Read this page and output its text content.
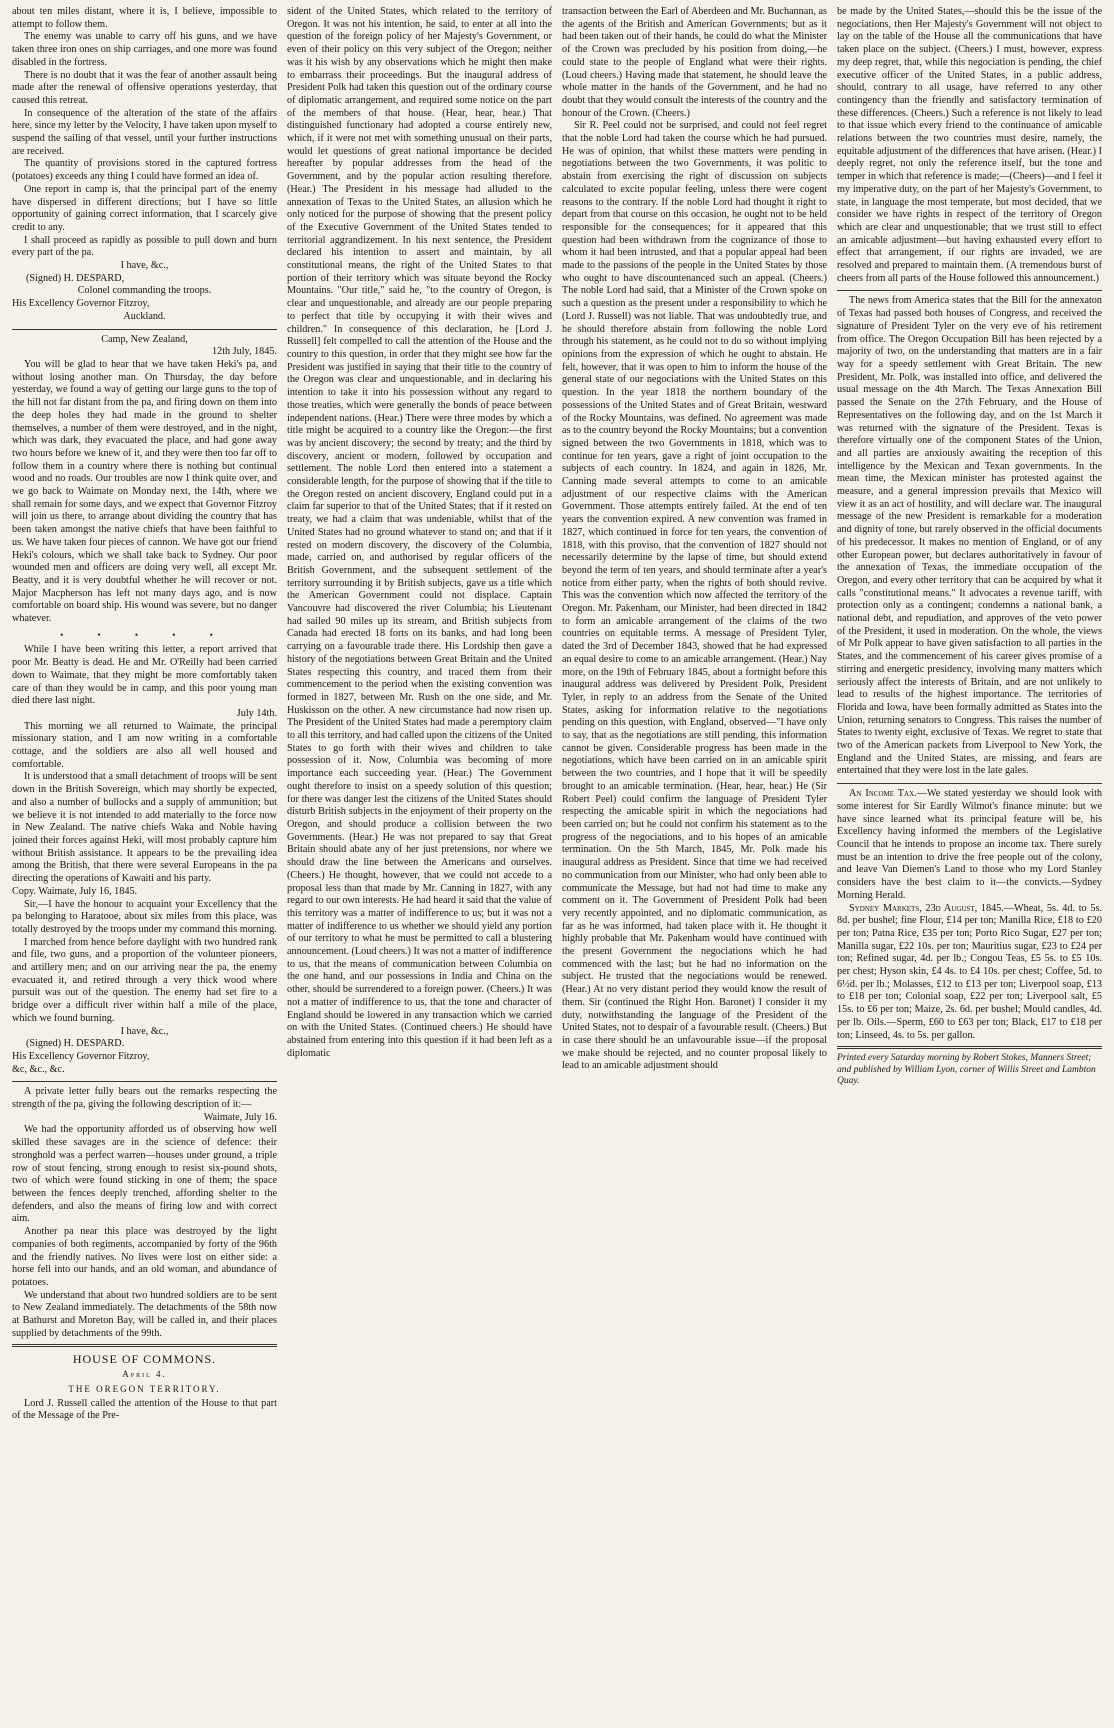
about ten miles distant, where it is, I believe, impossible to attempt to follow them.

The enemy was unable to carry off his guns, and we have taken three iron ones on ship carriages, and one more was found disabled in the fortress.

There is no doubt that it was the fear of another assault being made after the renewal of offensive operations yesterday, that caused this retreat.

In consequence of the alteration of the state of the affairs here, since my letter by the Velocity, I have taken upon myself to suspend the sailing of that vessel, until your further instructions are received.

The quantity of provisions stored in the captured fortress (potatoes) exceeds any thing I could have formed an idea of.

One report in camp is, that the principal part of the enemy have dispersed in different directions; but I have so little opportunity of gaining correct information, that I scarcely give credit to any.

I shall proceed as rapidly as possible to pull down and burn every part of the pa.

I have, &c.,

(Signed) H. DESPARD,

Colonel commanding the troops.

His Excellency Governor Fitzroy,

Auckland.

Camp, New Zealand,

12th July, 1845.

You will be glad to hear that we have taken Heki's pa, and without losing another man. On Thursday, the day before yesterday, we found a way of getting our large guns to the top of the hill not far distant from the pa, and firing down on them into the deep holes they had made in the ground to shelter themselves, a number of them were destroyed, and in the night, which was dark, they evacuated the place, and had gone away two hours before we knew of it, and they were then too far off to follow them in a country where there is nothing but continual wood and no roads. Our troubles are now I think quite over, and we go back to Waimate on Monday next, the 14th, where we shall remain for some days, and we expect that Governor Fitzroy will join us there, to arrange about dividing the country that has been taken amongst the native chiefs that have been faithful to us. We have taken four pieces of cannon. We have got our friend Heki's colours, which we shall take back to Sydney. Our poor wounded men and officers are doing very well, all except Mr. Beatty, and it is very doubtful whether he will recover or not. Major Macpherson has left not many days ago, and is now comfortable on board ship. His wound was severe, but no danger whatever.

• • • • •

While I have been writing this letter, a report arrived that poor Mr. Beatty is dead. He and Mr. O'Reilly had been carried down to Waimate, that they might be more comfortably taken care of than they would be in camp, and this poor young man died there last night.

July 14th.

This morning we all returned to Waimate, the principal missionary station, and I am now writing in a comfortable cottage, and the soldiers are also all well housed and comfortable.

It is understood that a small detachment of troops will be sent down in the British Sovereign, which may shortly be expected, and also a number of bullocks and a supply of ammunition; but we believe it is not intended to add materially to the force now in New Zealand. The native chiefs Waka and Noble having joined their forces against Heki, will most probably capture him without British assistance. It appears to be the prevailing idea among the British, that there were several Europeans in the pa directing the operations of Kawaiti and his party.

Copy. Waimate, July 16, 1845.

Sir,—I have the honour to acquaint your Excellency that the pa belonging to Haratooe, about six miles from this place, was totally destroyed by the troops under my command this morning.

I marched from hence before daylight with two hundred rank and file, two guns, and a proportion of the volunteer pioneers, and artillery men; and on our arriving near the pa, the enemy evacuated it, and retired through a very thick wood where pursuit was out of the question. The enemy had set fire to a bridge over a difficult river within half a mile of the place, which we found burning.

I have, &c.,

(Signed) H. DESPARD.

His Excellency Governor Fitzroy,

&c, &c., &c.

A private letter fully bears out the remarks respecting the strength of the pa, giving the following description of it:—

Waimate, July 16.

We had the opportunity afforded us of observing how well skilled these savages are in the science of defence: their stronghold was a perfect warren—houses under ground, a triple row of stout fencing, strong enough to resist six-pound shots, two of which were found sticking in one of them; the space between the fences deeply trenched, affording shelter to the defenders, and also the means of firing low and with correct aim.

Another pa near this place was destroyed by the light companies of both regiments, accompanied by forty of the 96th and the friendly natives. No lives were lost on either side: a horse fell into our hands, and an old woman, and abundance of potatoes.

We understand that about two hundred soldiers are to be sent to New Zealand immediately. The detachments of the 58th now at Bathurst and Moreton Bay, will be called in, and their places supplied by detachments of the 99th.

HOUSE OF COMMONS.
April 4.
THE OREGON TERRITORY.

Lord J. Russell called the attention of the House to that part of the Message of the Pre-

sident of the United States, which related to the territory of Oregon. It was not his intention, he said, to enter at all into the question of the foreign policy of her Majesty's Government, or even of their policy on this very subject of the Oregon; neither was it his wish by any observations which he might then make to embarrass their proceedings. But the inaugural address of President Polk had taken this question out of the ordinary course of diplomatic arrangement, and required some notice on the part of the members of that house. (Hear, hear, hear.) That distinguished functionary had adopted a course entirely new, which, if it were not met with something unusual on their parts, would let questions of great national importance be decided hereafter by popular addresses from the head of the Government, and by the popular action resulting therefore. (Hear.) The President in his message had alluded to the annexation of Texas to the United States, an allusion which he only noticed for the purpose of showing that the present policy of the Executive Government of the United States tended to territorial aggrandizement. In his next sentence, the President declared his intention to assert and maintain, by all constitutional means, the right of the United States to that portion of their territory which was situate beyond the Rocky Mountains. "Our title," said he, "to the country of Oregon, is clear and unquestionable, and already are our people preparing to perfect that title by occupying it with their wives and children." In consequence of this declaration, he [Lord J. Russell] felt compelled to call the attention of the House and the country to this question, in order that they might see how far the President was justified in saying that their title to the country of the Oregon was clear and unquestionable, and in declaring his intention to take it into his possession without any regard to those treaties, which were generally the bonds of peace between independent nations. (Hear.) There were three modes by which a title might be acquired to a country like the Oregon:—the first was by ancient discovery; the second by treaty; and the third by discovery, ancient or modern, followed by occupation and settlement. The noble Lord then entered into a statement a considerable length, for the purpose of showing that if the title to the Oregon rested on ancient discovery, England could put in a claim far superior to that of the United States; that if it rested on treaty, we had a claim that was undeniable, whilst that of the United States had no ground whatever to stand on; and that if it rested on modern discovery, the discovery of the Columbia, made, carried on, and authorised by regular officers of the British Government, and the subsequent settlement of the territory surrounding it by British subjects, gave us a title which the American Government could not displace. Captain Vancouvre had discovered the river Columbia; his Lieutenant had sailed 90 miles up its stream, and British subjects from Canada had erected 18 forts on its banks, and had long been carrying on a favourable trade there. His Lordship then gave a history of the negotiations between Great Britain and the United States respecting this country, and traced them from their commencement to the period when the existing convention was formed in 1827, between Mr. Rush on the one side, and Mr. Huskisson on the other. A new circumstance had now risen up. The President of the United States had made a peremptory claim to all this territory, and had called upon the citizens of the United States to go forth with their wives and children to take possession of it. Now, Columbia was becoming of more importance each succeeding year. (Hear.) The Government ought therefore to insist on a speedy solution of this question; for there was danger lest the citizens of the United States should disturb British subjects in the enjoyment of their property on the Oregon, and should produce a collision between the two Governments. (Hear.) He was not prepared to say that Great Britain should abate any of her just pretensions, nor where we should draw the line between the Americans and ourselves. (Cheers.) He thought, however, that we could not accede to a proposal less than that made by Mr. Canning in 1827, with any regard to our own interests. He had heard it said that the value of this territory was a matter of indifference to us; but it was not a matter of indifference to us whether we should yield any portion of our territory to what he must be permitted to call a blustering announcement. (Loud cheers.) It was not a matter of indifference to us, that the means of communication between Columbia on the one hand, and our possessions in India and China on the other, should be surrendered to a foreign power. (Cheers.) It was not a matter of indifference to us, that the tone and character of England should be lowered in any transaction which we carried on with the United States. (Continued cheers.) He should have abstained from entering into this question if it had been left as a diplomatic

transaction between the Earl of Aberdeen and Mr. Buchannan, as the agents of the British and American Governments; but as it had been taken out of their hands, he could do what the Minister of the Crown was precluded by his position from doing,—he could state to the people of England what were their rights. (Loud cheers.) Having made that statement, he should leave the whole matter in the hands of the Government, and he had no doubt that they would consult the interests of the country and the honour of the Crown. (Cheers.)

Sir R. Peel could not be surprised, and could not feel regret that the noble Lord had taken the course which he had pursued. He was of opinion, that whilst these matters were pending in negotiations between the two Governments, it was politic to abstain from exercising the right of discussion on subjects calculated to excite popular feeling, unless there were cogent reasons to the contrary. If the noble Lord had thought it right to depart from that course on this occasion, he ought not to be held responsible for the consequences; for it appeared that this question had been withdrawn from the cognizance of those to whom it had been intrusted, and that a popular appeal had been made to the passions of the people in the United States by those who ought to have discountenanced such an appeal. (Cheers.) The noble Lord had said, that a Minister of the Crown spoke on such a question as the present under a responsibility to which he (Lord J. Russell) was not liable. That was undoubtedly true, and he should therefore abstain from following the noble Lord through his statement, as he could not to do so without implying opinions from the expression of which he ought to abstain. He felt, however, that it was open to him to inform the house of the general state of our negociations with the United States on this question. In the year 1818 the northern boundary of the possessions of the United States and of Great Britain, westward of the Rocky Mountains, was defined. No agreement was made as to the country beyond the Rocky Mountains; but a convention signed between the two Governments in 1818, which was to continue for ten years, gave a right of joint occupation to the subjects of each country. In 1824, and again in 1826, Mr. Canning made several attempts to come to an amicable adjustment of our respective claims with the American Government. Those attempts entirely failed. At the end of ten years the convention expired. A new convention was framed in 1827, which continued in force for ten years, the convention of 1818, with this proviso, that the convention of 1827 should not necessarily determine by the lapse of time, but should extend beyond the term of ten years, and should terminate after a year's notice from either party, when the rights of both should revive. This was the convention which now affected the territory of the Oregon. Mr. Pakenham, our Minister, had been directed in 1842 to form an amicable arrangement of the claims of the two countries on equitable terms. A message of President Tyler, dated the 3rd of December 1843, showed that he had expressed an equal desire to come to an amicable arrangement. (Hear.) Nay more, on the 19th of February 1845, about a fortnight before this inaugural address was delivered by President Polk, President Tyler, in reply to an address from the Senate of the United States, asking for information relative to the negotiations pending on this question, with England, observed—"I have only to say, that as the negotiations are still pending, this information cannot be given. Considerable progress has been made in the negotiations, which have been carried on in an amicable spirit between the two countries, and I hope that it will be speedily brought to an amicable termination. (Hear, hear, hear.) He (Sir Robert Peel) could confirm the language of President Tyler respecting the amicable spirit in which the negociations had been carried on; but he could not confirm his statement as to the progress of the negociations, and to his hopes of an amicable termination. On the 5th March, 1845, Mr. Polk made his inaugural address as President. Since that time we had received no communication from our Minister, who had only been able to communicate the Message, but had not had time to make any comment on it. The Government of President Polk had been very recently appointed, and no diplomatic communication, as far as he was informed, had taken place with it. He thought it highly probable that Mr. Pakenham would have continued with the present Government the negociations which he had commenced with the last; but he had no information on the subject. He trusted that the negociations would be renewed. (Hear.) At no very distant period they would know the result of them. Sir (continued the Right Hon. Baronet) I consider it my duty, notwithstanding the language of the President of the United States, not to despair of a favourable result. (Cheers.) But in case there should be an unfavourable issue—if the proposal we make should be rejected, and no counter proposal likely to lead to an amicable adjustment should

be made by the United States,—should this be the issue of the negociations, then Her Majesty's Government will not object to lay on the table of the House all the communications that have taken place on the subject. (Cheers.) I must, however, express my deep regret, that, while this negociation is pending, the chief executive officer of the United States, in a public address, should, contrary to all usage, have referred to any other contingency than the friendly and satisfactory termination of these differences. (Cheers.) Such a reference is not likely to lead to that issue which every friend to the continuance of amicable relations between the two countries must desire, namely, the equitable adjustment of the differences that have arisen. (Hear.) I deeply regret, not only the reference itself, but the tone and temper in which that reference is made;—(Cheers)—and I feel it my imperative duty, on the part of her Majesty's Government, to state, in language the most temperate, but most decided, that we consider we have rights in respect of the territory of Oregon which are clear and unquestionable; that we trust still to effect an amicable adjustment—but having exhausted every effort to effect that arrangement, if our rights are invaded, we are resolved and prepared to maintain them. (A tremendous burst of cheers from all parts of the House followed this announcement.)

The news from America states that the Bill for the annexaton of Texas had passed both houses of Congress, and received the signature of President Tyler on the very eve of his retirement from office. The Oregon Occupation Bill has been rejected by a majority of two, on the understanding that matters are in a fair way for a speedy settlement with Great Britain. The new President, Mr. Polk, was installed into office, and delivered the usual message on the 4th March. The Texas Annexation Bill passed the Senate on the 27th February, and the House of Representatives on the following day, and on the 1st March it was returned with the signature of the President. Texas is therefore virtually one of the component States of the Union, and all parties are anxiously awaiting the reception of this intelligence by the Mexican and Texan governments. In the mean time, the Mexican minister has protested against the measure, and a general impression prevails that Mexico will view it as an act of hostility, and will declare war. The inaugural message of the new President is remarkable for a moderation and dignity of tone, but rarely observed in the official documents of his predecessor. It makes no mention of England, or of any other European power, but declares authoritatively in favour of the annexation of Texas, the immediate occupation of the Oregon, and every other territory that can be acquired by what it calls "constitutional means." It advocates a revenue tariff, with protection only as a contingent; condemns a national bank, a national debt, and repudiation, and approves of the veto power of the President, it used in moderation. On the whole, the views of Mr Polk appear to have given satisfaction to all parties in the States, and the commencement of his career gives promise of a stirring and energetic presidency, involving many matters which seriously affect the interests of Britain, and are not unlikely to lead to results of the highest importance. The territories of Florida and Iowa, have been formally admitted as States into the Union, returning senators to Congress. This raises the number of States to twenty eight, exclusive of Texas. We regret to state that two of the American packets from Liverpool to New York, the England and the United States, are missing, and fears are entertained that they were lost in the late gales.

An Income Tax.—We stated yesterday we should look with some interest for Sir Eardly Wilmot's finance minute: but we have since learned what its principal feature will be, his Excellency having informed the members of the Legislative Council that he intends to propose an income tax. There surely must be an intention to drive the free people out of the colony, and leave Van Diemen's Land to those who my Lord Stanley considers have the best claim to it—the convicts.—Sydney Morning Herald.

Sydney Markets, 23d August, 1845.—Wheat, 5s. 4d. to 5s. 8d. per bushel; fine Flour, £14 per ton; Manilla Rice, £18 to £20 per ton; Patna Rice, £35 per ton; Porto Rico Sugar, £27 per ton; Manilla sugar, £22 10s. per ton; Mauritius sugar, £23 to £24 per ton; Refined sugar, 4d. per lb.; Congou Teas, £5 5s. to £5 10s. per chest; Hyson skin, £4 4s. to £4 10s. per chest; Coffee, 5d. to 6½d. per lb.; Molasses, £12 to £13 per ton; Liverpool soap, £13 to £18 per ton; Colonial soap, £22 per ton; Liverpool salt, £5 15s. to £6 per ton; Maize, 2s. 6d. per bushel; Mould candles, 4d. per lb. Oils.—Sperm, £60 to £63 per ton; Black, £17 to £18 per ton; Linseed, 4s. to 5s. per gallon.

Printed every Saturday morning by Robert Stokes, Manners Street; and published by William Lyon, corner of Willis Street and Lambton Quay.
